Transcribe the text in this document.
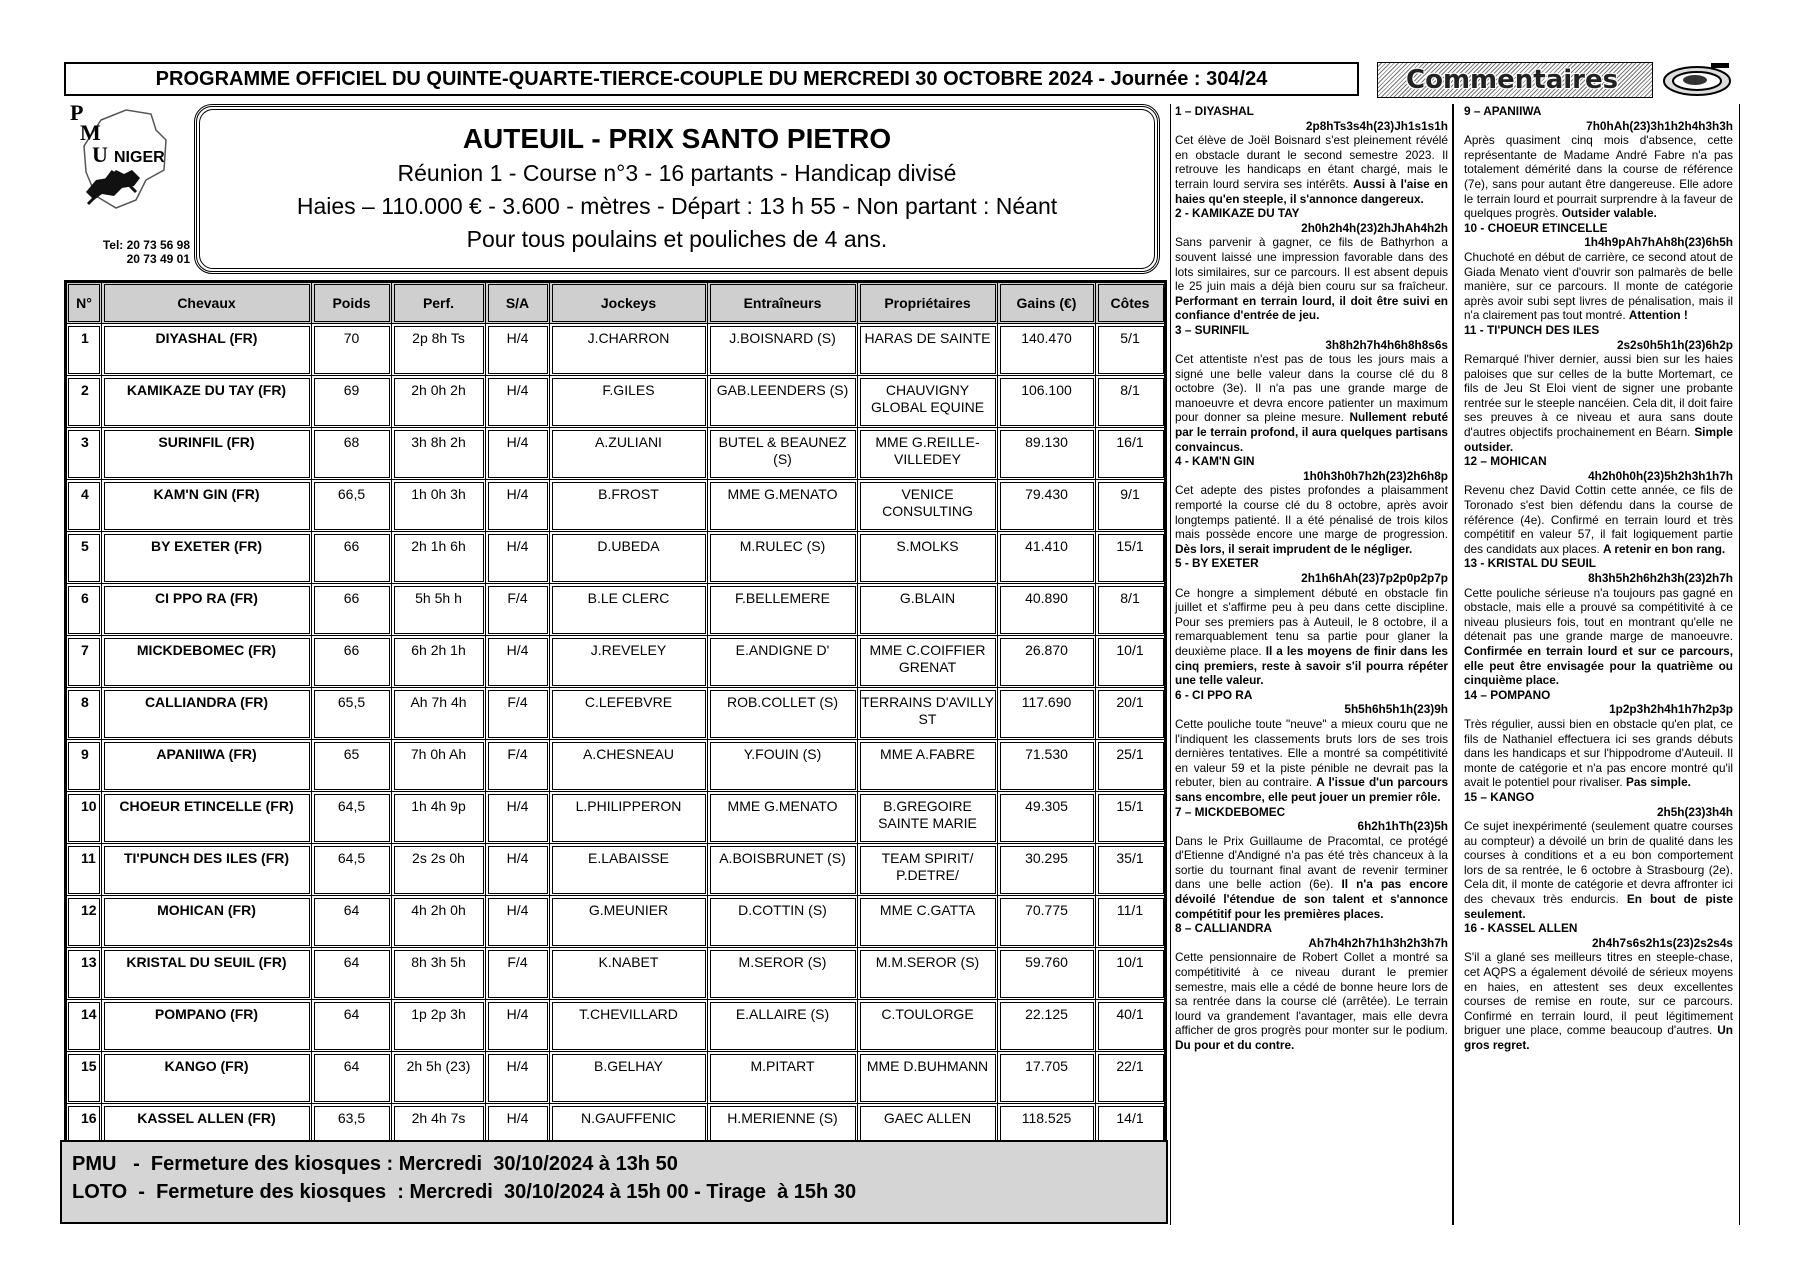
PROGRAMME OFFICIEL DU QUINTE-QUARTE-TIERCE-COUPLE DU MERCREDI 30 OCTOBRE 2024 - Journée : 304/24	Commentaires
P
M
U NIGER
Tel: 20 73 56 98
20 73 49 01
AUTEUIL - PRIX SANTO PIETRO
Réunion 1 - Course n°3 - 16 partants - Handicap divisé
Haies – 110.000 € - 3.600 - mètres - Départ : 13 h 55 - Non partant : Néant
Pour tous poulains et pouliches de 4 ans.
N°	Chevaux	Poids	Perf.	S/A	Jockeys	Entraîneurs	Propriétaires	Gains (€)	Côtes
1	DIYASHAL (FR)	70	2p 8h Ts	H/4	J.CHARRON	J.BOISNARD (S)	HARAS DE SAINTE	140.470	5/1
2	KAMIKAZE DU TAY (FR)	69	2h 0h 2h	H/4	F.GILES	GAB.LEENDERS (S)	CHAUVIGNY GLOBAL EQUINE	106.100	8/1
3	SURINFIL (FR)	68	3h 8h 2h	H/4	A.ZULIANI	BUTEL & BEAUNEZ (S)	MME G.REILLE-VILLEDEY	89.130	16/1
4	KAM'N GIN (FR)	66,5	1h 0h 3h	H/4	B.FROST	MME G.MENATO	VENICE CONSULTING	79.430	9/1
5	BY EXETER (FR)	66	2h 1h 6h	H/4	D.UBEDA	M.RULEC (S)	S.MOLKS	41.410	15/1
6	CI PPO RA (FR)	66	5h 5h h	F/4	B.LE CLERC	F.BELLEMERE	G.BLAIN	40.890	8/1
7	MICKDEBOMEC (FR)	66	6h 2h 1h	H/4	J.REVELEY	E.ANDIGNE D'	MME C.COIFFIER GRENAT	26.870	10/1
8	CALLIANDRA (FR)	65,5	Ah 7h 4h	F/4	C.LEFEBVRE	ROB.COLLET (S)	TERRAINS D'AVILLY ST	117.690	20/1
9	APANIIWA (FR)	65	7h 0h Ah	F/4	A.CHESNEAU	Y.FOUIN (S)	MME A.FABRE	71.530	25/1
10	CHOEUR ETINCELLE (FR)	64,5	1h 4h 9p	H/4	L.PHILIPPERON	MME G.MENATO	B.GREGOIRE SAINTE MARIE	49.305	15/1
11	TI'PUNCH DES ILES (FR)	64,5	2s 2s 0h	H/4	E.LABAISSE	A.BOISBRUNET (S)	TEAM SPIRIT/ P.DETRE/	30.295	35/1
12	MOHICAN (FR)	64	4h 2h 0h	H/4	G.MEUNIER	D.COTTIN (S)	MME C.GATTA	70.775	11/1
13	KRISTAL DU SEUIL (FR)	64	8h 3h 5h	F/4	K.NABET	M.SEROR (S)	M.M.SEROR (S)	59.760	10/1
14	POMPANO (FR)	64	1p 2p 3h	H/4	T.CHEVILLARD	E.ALLAIRE (S)	C.TOULORGE	22.125	40/1
15	KANGO (FR)	64	2h 5h (23)	H/4	B.GELHAY	M.PITART	MME D.BUHMANN	17.705	22/1
16	KASSEL ALLEN (FR)	63,5	2h 4h 7s	H/4	N.GAUFFENIC	H.MERIENNE (S)	GAEC ALLEN	118.525	14/1
PMU   -  Fermeture des kiosques : Mercredi  30/10/2024 à 13h 50
LOTO  -  Fermeture des kiosques  : Mercredi  30/10/2024 à 15h 00 - Tirage  à 15h 30
1 – DIYASHAL
2p8hTs3s4h(23)Jh1s1s1h
Cet élève de Joël Boisnard s'est pleinement révélé en obstacle durant le second semestre 2023. Il retrouve les handicaps en étant chargé, mais le terrain lourd servira ses intérêts. Aussi à l'aise en haies qu'en steeple, il s'annonce dangereux.
2 - KAMIKAZE DU TAY
2h0h2h4h(23)2hJhAh4h2h
Sans parvenir à gagner, ce fils de Bathyrhon a souvent laissé une impression favorable dans des lots similaires, sur ce parcours. Il est absent depuis le 25 juin mais a déjà bien couru sur sa fraîcheur. Performant en terrain lourd, il doit être suivi en confiance d'entrée de jeu.
3 – SURINFIL
3h8h2h7h4h6h8h8s6s
Cet attentiste n'est pas de tous les jours mais a signé une belle valeur dans la course clé du 8 octobre (3e). Il n'a pas une grande marge de manoeuvre et devra encore patienter un maximum pour donner sa pleine mesure. Nullement rebuté par le terrain profond, il aura quelques partisans convaincus.
4 - KAM'N GIN
1h0h3h0h7h2h(23)2h6h8p
Cet adepte des pistes profondes a plaisamment remporté la course clé du 8 octobre, après avoir longtemps patienté. Il a été pénalisé de trois kilos mais possède encore une marge de progression. Dès lors, il serait imprudent de le négliger.
5 - BY EXETER
2h1h6hAh(23)7p2p0p2p7p
Ce hongre a simplement débuté en obstacle fin juillet et s'affirme peu à peu dans cette discipline. Pour ses premiers pas à Auteuil, le 8 octobre, il a remarquablement tenu sa partie pour glaner la deuxième place. Il a les moyens de finir dans les cinq premiers, reste à savoir s'il pourra répéter une telle valeur.
6 - CI PPO RA
5h5h6h5h1h(23)9h
Cette pouliche toute "neuve" a mieux couru que ne l'indiquent les classements bruts lors de ses trois dernières tentatives. Elle a montré sa compétitivité en valeur 59 et la piste pénible ne devrait pas la rebuter, bien au contraire. A l'issue d'un parcours sans encombre, elle peut jouer un premier rôle.
7 – MICKDEBOMEC
6h2h1hTh(23)5h
Dans le Prix Guillaume de Pracomtal, ce protégé d'Etienne d'Andigné n'a pas été très chanceux à la sortie du tournant final avant de revenir terminer dans une belle action (6e). Il n'a pas encore dévoilé l'étendue de son talent et s'annonce compétitif pour les premières places.
8 – CALLIANDRA
Ah7h4h2h7h1h3h2h3h7h
Cette pensionnaire de Robert Collet a montré sa compétitivité à ce niveau durant le premier semestre, mais elle a cédé de bonne heure lors de sa rentrée dans la course clé (arrêtée). Le terrain lourd va grandement l'avantager, mais elle devra afficher de gros progrès pour monter sur le podium. Du pour et du contre.
9 – APANIIWA
7h0hAh(23)3h1h2h4h3h3h
Après quasiment cinq mois d'absence, cette représentante de Madame André Fabre n'a pas totalement démérité dans la course de référence (7e), sans pour autant être dangereuse. Elle adore le terrain lourd et pourrait surprendre à la faveur de quelques progrès. Outsider valable.
10 - CHOEUR ETINCELLE
1h4h9pAh7hAh8h(23)6h5h
Chuchoté en début de carrière, ce second atout de Giada Menato vient d'ouvrir son palmarès de belle manière, sur ce parcours. Il monte de catégorie après avoir subi sept livres de pénalisation, mais il n'a clairement pas tout montré. Attention !
11 - TI'PUNCH DES ILES
2s2s0h5h1h(23)6h2p
Remarqué l'hiver dernier, aussi bien sur les haies paloises que sur celles de la butte Mortemart, ce fils de Jeu St Eloi vient de signer une probante rentrée sur le steeple nancéien. Cela dit, il doit faire ses preuves à ce niveau et aura sans doute d'autres objectifs prochainement en Béarn. Simple outsider.
12 – MOHICAN
4h2h0h0h(23)5h2h3h1h7h
Revenu chez David Cottin cette année, ce fils de Toronado s'est bien défendu dans la course de référence (4e). Confirmé en terrain lourd et très compétitif en valeur 57, il fait logiquement partie des candidats aux places. A retenir en bon rang.
13 - KRISTAL DU SEUIL
8h3h5h2h6h2h3h(23)2h7h
Cette pouliche sérieuse n'a toujours pas gagné en obstacle, mais elle a prouvé sa compétitivité à ce niveau plusieurs fois, tout en montrant qu'elle ne détenait pas une grande marge de manoeuvre. Confirmée en terrain lourd et sur ce parcours, elle peut être envisagée pour la quatrième ou cinquième place.
14 – POMPANO
1p2p3h2h4h1h7h2p3p
Très régulier, aussi bien en obstacle qu'en plat, ce fils de Nathaniel effectuera ici ses grands débuts dans les handicaps et sur l'hippodrome d'Auteuil. Il monte de catégorie et n'a pas encore montré qu'il avait le potentiel pour rivaliser. Pas simple.
15 – KANGO
2h5h(23)3h4h
Ce sujet inexpérimenté (seulement quatre courses au compteur) a dévoilé un brin de qualité dans les courses à conditions et a eu bon comportement lors de sa rentrée, le 6 octobre à Strasbourg (2e). Cela dit, il monte de catégorie et devra affronter ici des chevaux très endurcis. En bout de piste seulement.
16 - KASSEL ALLEN
2h4h7s6s2h1s(23)2s2s4s
S'il a glané ses meilleurs titres en steeple-chase, cet AQPS a également dévoilé de sérieux moyens en haies, en attestent ses deux excellentes courses de remise en route, sur ce parcours. Confirmé en terrain lourd, il peut légitimement briguer une place, comme beaucoup d'autres. Un gros regret.
